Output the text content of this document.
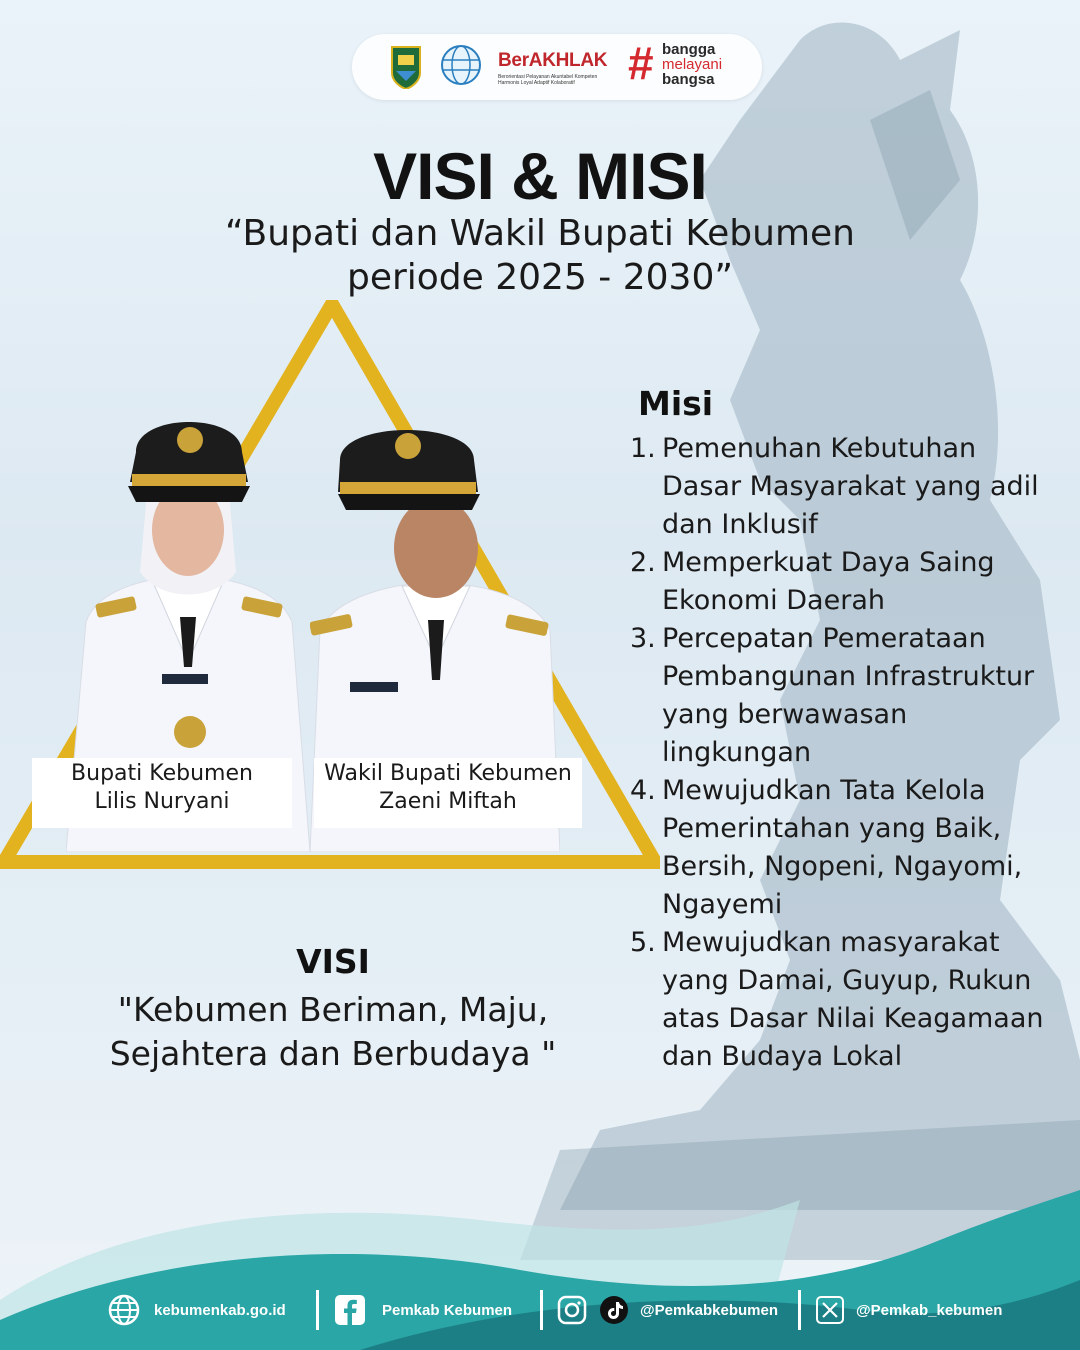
BerAKHLAK
Berorientasi Pelayanan Akuntabel Kompeten Harmonis Loyal Adaptif Kolaboratif	# bangga
melayani
bangsa
VISI & MISI
“Bupati dan Wakil Bupati Kebumen
periode 2025 - 2030”
Bupati Kebumen
Lilis Nuryani
Wakil Bupati Kebumen
Zaeni Miftah
Misi
1. Pemenuhan Kebutuhan Dasar Masyarakat yang adil dan Inklusif
2. Memperkuat Daya Saing Ekonomi Daerah
3. Percepatan Pemerataan Pembangunan Infrastruktur yang berwawasan lingkungan
4. Mewujudkan Tata Kelola Pemerintahan yang Baik, Bersih, Ngopeni, Ngayomi, Ngayemi
5. Mewujudkan masyarakat yang Damai, Guyup, Rukun atas Dasar Nilai Keagamaan dan Budaya Lokal
VISI
"Kebumen Beriman, Maju,
Sejahtera dan Berbudaya "
kebumenkab.go.id	Pemkab Kebumen	@Pemkabkebumen	@Pemkab_kebumen
